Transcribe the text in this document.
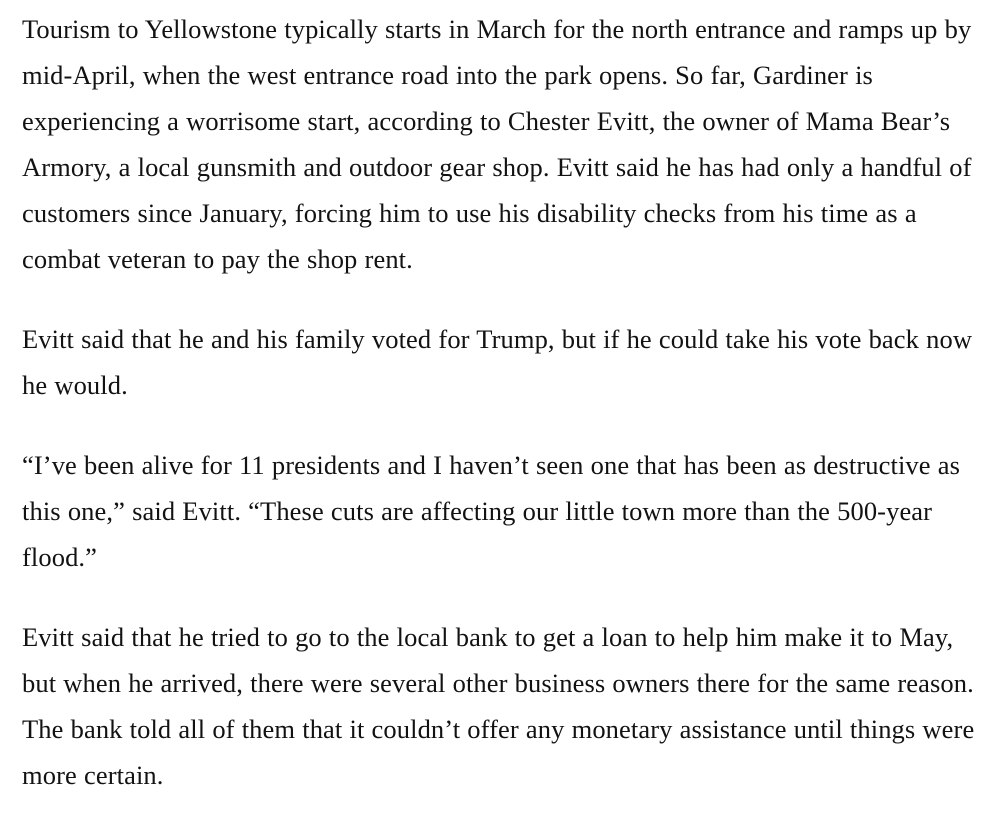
Tourism to Yellowstone typically starts in March for the north entrance and ramps up by mid-April, when the west entrance road into the park opens. So far, Gardiner is experiencing a worrisome start, according to Chester Evitt, the owner of Mama Bear’s Armory, a local gunsmith and outdoor gear shop. Evitt said he has had only a handful of customers since January, forcing him to use his disability checks from his time as a combat veteran to pay the shop rent.

Evitt said that he and his family voted for Trump, but if he could take his vote back now he would.

“I’ve been alive for 11 presidents and I haven’t seen one that has been as destructive as this one,” said Evitt. “These cuts are affecting our little town more than the 500-year flood.”

Evitt said that he tried to go to the local bank to get a loan to help him make it to May, but when he arrived, there were several other business owners there for the same reason. The bank told all of them that it couldn’t offer any monetary assistance until things were more certain.
